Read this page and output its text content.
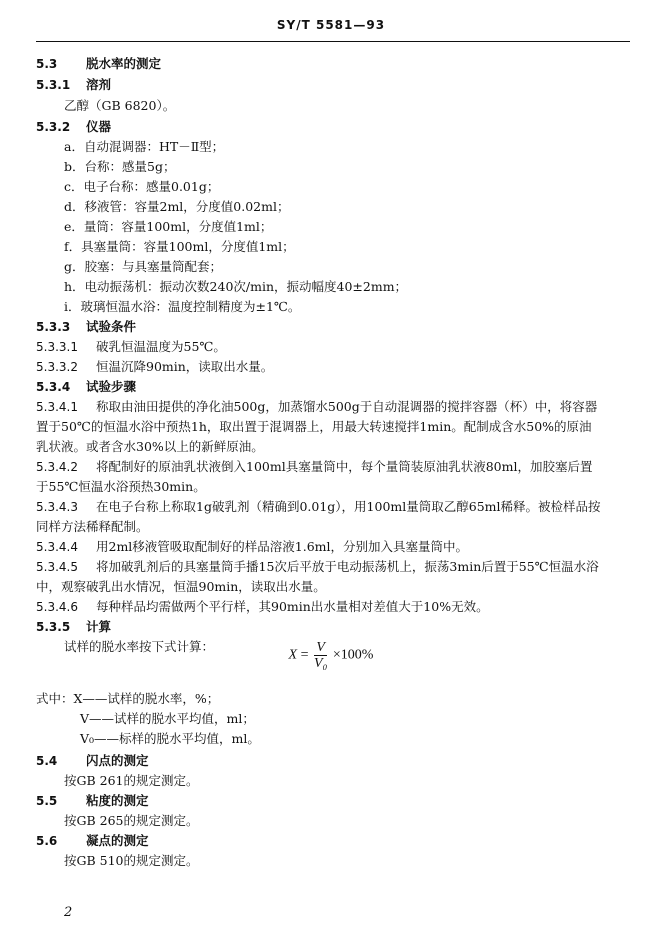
SY/T 5581—93
5.3 脱水率的测定
5.3.1 溶剂
乙醇（GB 6820）。
5.3.2 仪器
a．自动混调器：HT－Ⅱ型；
b．台称：感量5g；
c．电子台称：感量0.01g；
d．移液管：容量2ml，分度值0.02ml；
e．量筒：容量100ml，分度值1ml；
f．具塞量筒：容量100ml，分度值1ml；
g．胶塞：与具塞量筒配套；
h．电动振荡机：振动次数240次/min，振动幅度40±2mm；
i．玻璃恒温水浴：温度控制精度为±1℃。
5.3.3 试验条件
5.3.3.1 破乳恒温温度为55℃。
5.3.3.2 恒温沉降90min，读取出水量。
5.3.4 试验步骤
5.3.4.1 称取由油田提供的净化油500g，加蒸馏水500g于自动混调器的搅拌容器（杯）中，将容器
置于50℃的恒温水浴中预热1h，取出置于混调器上，用最大转速搅拌1min。配制成含水50%的原油
乳状液。或者含水30%以上的新鲜原油。
5.3.4.2 将配制好的原油乳状液倒入100ml具塞量筒中，每个量筒装原油乳状液80ml，加胶塞后置
于55℃恒温水浴预热30min。
5.3.4.3 在电子台称上称取1g破乳剂（精确到0.01g），用100ml量筒取乙醇65ml稀释。被检样品按
同样方法稀释配制。
5.3.4.4 用2ml移液管吸取配制好的样品溶液1.6ml，分别加入具塞量筒中。
5.3.4.5 将加破乳剂后的具塞量筒手播15次后平放于电动振荡机上，振荡3min后置于55℃恒温水浴
中，观察破乳出水情况，恒温90min，读取出水量。
5.3.4.6 每种样品均需做两个平行样，其90min出水量相对差值大于10%无效。
5.3.5 计算
试样的脱水率按下式计算：
式中：X——试样的脱水率，%；
V——试样的脱水平均值，ml；
V₀——标样的脱水平均值，ml。
5.4 闪点的测定
按GB 261的规定测定。
5.5 粘度的测定
按GB 265的规定测定。
5.6 凝点的测定
按GB 510的规定测定。
$X = \frac{V}{\text{V₀}} \times 100\%$
2
